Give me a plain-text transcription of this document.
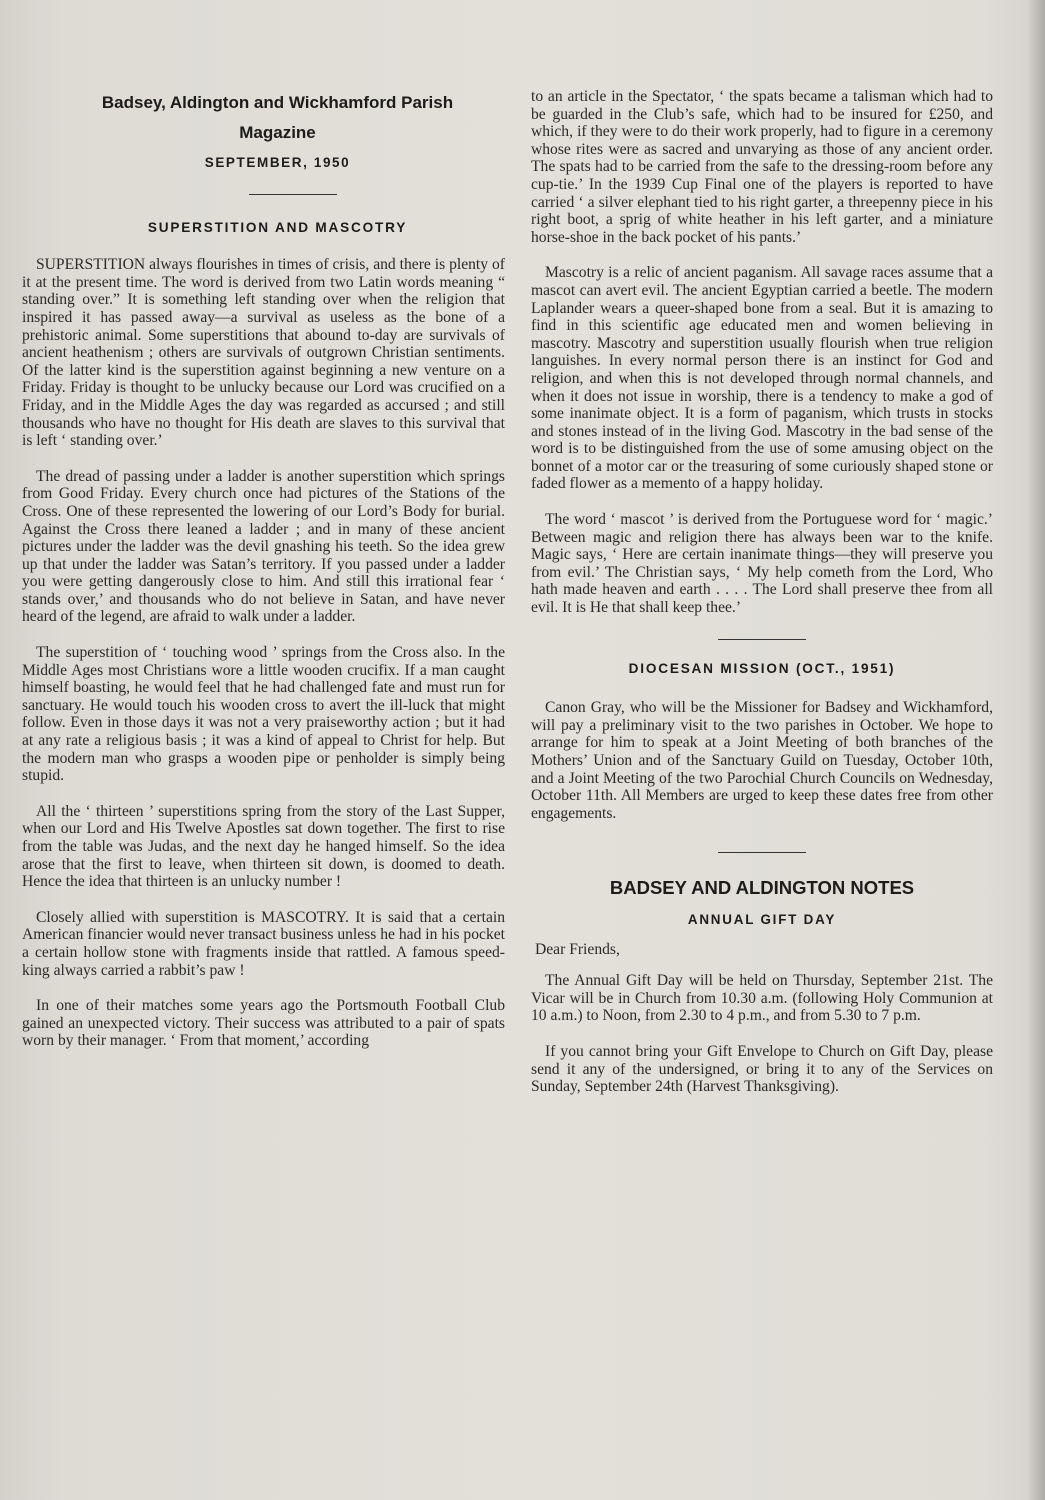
Badsey, Aldington and Wickhamford Parish
Magazine
SEPTEMBER, 1950
SUPERSTITION AND MASCOTRY

SUPERSTITION always flourishes in times of crisis, and there is plenty of it at the present time. The word is derived from two Latin words meaning “ standing over.” It is something left standing over when the religion that inspired it has passed away—a survival as useless as the bone of a prehistoric animal. Some superstitions that abound to-day are survivals of ancient heathenism ; others are survivals of outgrown Christian sentiments. Of the latter kind is the superstition against beginning a new venture on a Friday. Friday is thought to be unlucky because our Lord was crucified on a Friday, and in the Middle Ages the day was regarded as accursed ; and still thousands who have no thought for His death are slaves to this survival that is left ‘ standing over.’

The dread of passing under a ladder is another superstition which springs from Good Friday. Every church once had pictures of the Stations of the Cross. One of these represented the lowering of our Lord’s Body for burial. Against the Cross there leaned a ladder ; and in many of these ancient pictures under the ladder was the devil gnashing his teeth. So the idea grew up that under the ladder was Satan’s territory. If you passed under a ladder you were getting dangerously close to him. And still this irrational fear ‘ stands over,’ and thousands who do not believe in Satan, and have never heard of the legend, are afraid to walk under a ladder.

The superstition of ‘ touching wood ’ springs from the Cross also. In the Middle Ages most Christians wore a little wooden crucifix. If a man caught himself boasting, he would feel that he had challenged fate and must run for sanctuary. He would touch his wooden cross to avert the ill-luck that might follow. Even in those days it was not a very praiseworthy action ; but it had at any rate a religious basis ; it was a kind of appeal to Christ for help. But the modern man who grasps a wooden pipe or penholder is simply being stupid.

All the ‘ thirteen ’ superstitions spring from the story of the Last Supper, when our Lord and His Twelve Apostles sat down together. The first to rise from the table was Judas, and the next day he hanged himself. So the idea arose that the first to leave, when thirteen sit down, is doomed to death. Hence the idea that thirteen is an unlucky number !

Closely allied with superstition is MASCOTRY. It is said that a certain American financier would never transact business unless he had in his pocket a certain hollow stone with fragments inside that rattled. A famous speed-king always carried a rabbit’s paw !

In one of their matches some years ago the Portsmouth Football Club gained an unexpected victory. Their success was attributed to a pair of spats worn by their manager. ‘ From that moment,’ according

to an article in the Spectator, ‘ the spats became a talisman which had to be guarded in the Club’s safe, which had to be insured for £250, and which, if they were to do their work properly, had to figure in a ceremony whose rites were as sacred and unvarying as those of any ancient order. The spats had to be carried from the safe to the dressing-room before any cup-tie.’ In the 1939 Cup Final one of the players is reported to have carried ‘ a silver elephant tied to his right garter, a threepenny piece in his right boot, a sprig of white heather in his left garter, and a miniature horse-shoe in the back pocket of his pants.’

Mascotry is a relic of ancient paganism. All savage races assume that a mascot can avert evil. The ancient Egyptian carried a beetle. The modern Laplander wears a queer-shaped bone from a seal. But it is amazing to find in this scientific age educated men and women believing in mascotry. Mascotry and superstition usually flourish when true religion languishes. In every normal person there is an instinct for God and religion, and when this is not developed through normal channels, and when it does not issue in worship, there is a tendency to make a god of some inanimate object. It is a form of paganism, which trusts in stocks and stones instead of in the living God. Mascotry in the bad sense of the word is to be distinguished from the use of some amusing object on the bonnet of a motor car or the treasuring of some curiously shaped stone or faded flower as a memento of a happy holiday.

The word ‘ mascot ’ is derived from the Portuguese word for ‘ magic.’ Between magic and religion there has always been war to the knife. Magic says, ‘ Here are certain inanimate things—they will preserve you from evil.’ The Christian says, ‘ My help cometh from the Lord, Who hath made heaven and earth . . . . The Lord shall preserve thee from all evil. It is He that shall keep thee.’

DIOCESAN MISSION (OCT., 1951)

Canon Gray, who will be the Missioner for Badsey and Wickhamford, will pay a preliminary visit to the two parishes in October. We hope to arrange for him to speak at a Joint Meeting of both branches of the Mothers’ Union and of the Sanctuary Guild on Tuesday, October 10th, and a Joint Meeting of the two Parochial Church Councils on Wednesday, October 11th. All Members are urged to keep these dates free from other engagements.

BADSEY AND ALDINGTON NOTES
ANNUAL GIFT DAY
Dear Friends,

The Annual Gift Day will be held on Thursday, September 21st. The Vicar will be in Church from 10.30 a.m. (following Holy Communion at 10 a.m.) to Noon, from 2.30 to 4 p.m., and from 5.30 to 7 p.m.

If you cannot bring your Gift Envelope to Church on Gift Day, please send it any of the undersigned, or bring it to any of the Services on Sunday, September 24th (Harvest Thanksgiving).
